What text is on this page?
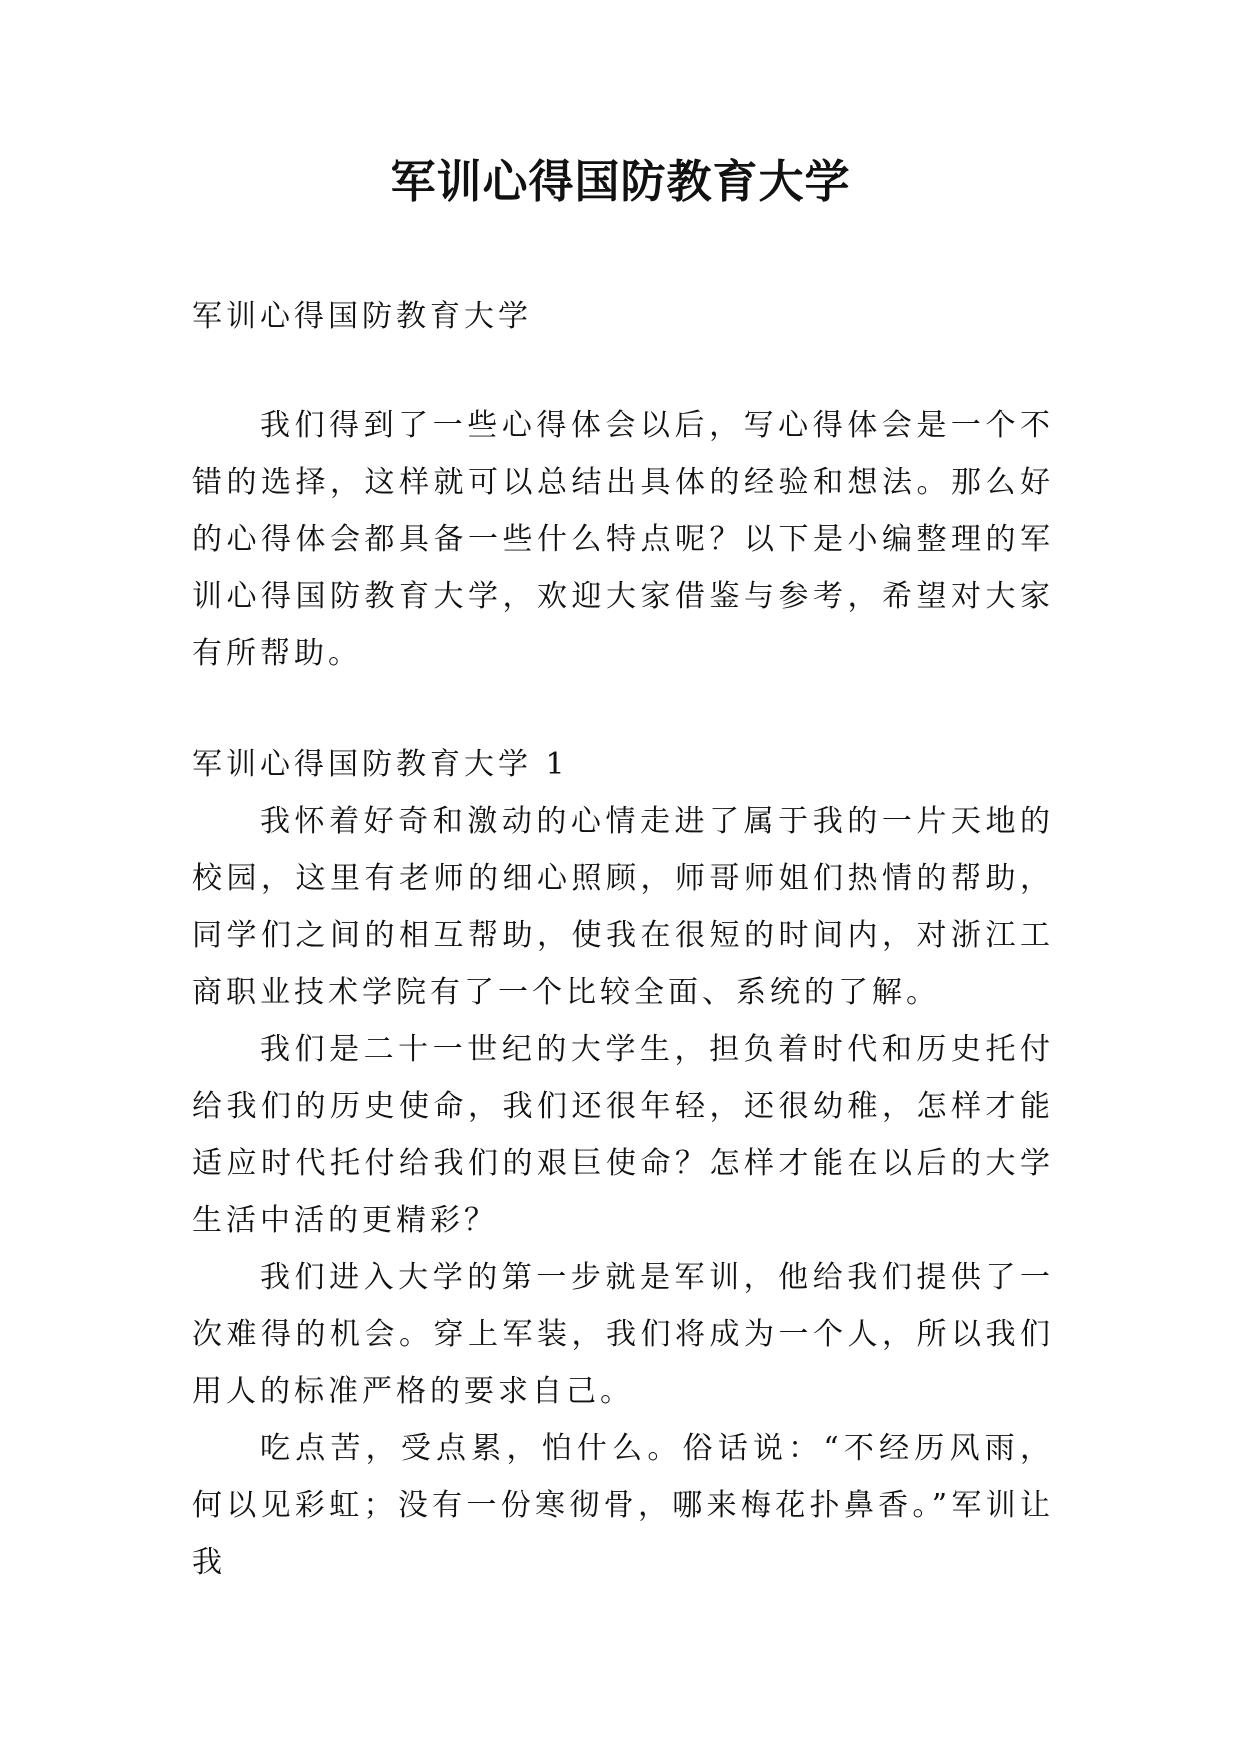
军训心得国防教育大学

军训心得国防教育大学

我们得到了一些心得体会以后，写心得体会是一个不错的选择，这样就可以总结出具体的经验和想法。那么好的心得体会都具备一些什么特点呢？以下是小编整理的军训心得国防教育大学，欢迎大家借鉴与参考，希望对大家有所帮助。

军训心得国防教育大学 1

我怀着好奇和激动的心情走进了属于我的一片天地的校园，这里有老师的细心照顾，师哥师姐们热情的帮助，同学们之间的相互帮助，使我在很短的时间内，对浙江工商职业技术学院有了一个比较全面、系统的了解。

我们是二十一世纪的大学生，担负着时代和历史托付给我们的历史使命，我们还很年轻，还很幼稚，怎样才能适应时代托付给我们的艰巨使命？怎样才能在以后的大学生活中活的更精彩？

我们进入大学的第一步就是军训，他给我们提供了一次难得的机会。穿上军装，我们将成为一个人，所以我们用人的标准严格的要求自己。

吃点苦，受点累，怕什么。俗话说：“不经历风雨，何以见彩虹；没有一份寒彻骨，哪来梅花扑鼻香。”军训让我
